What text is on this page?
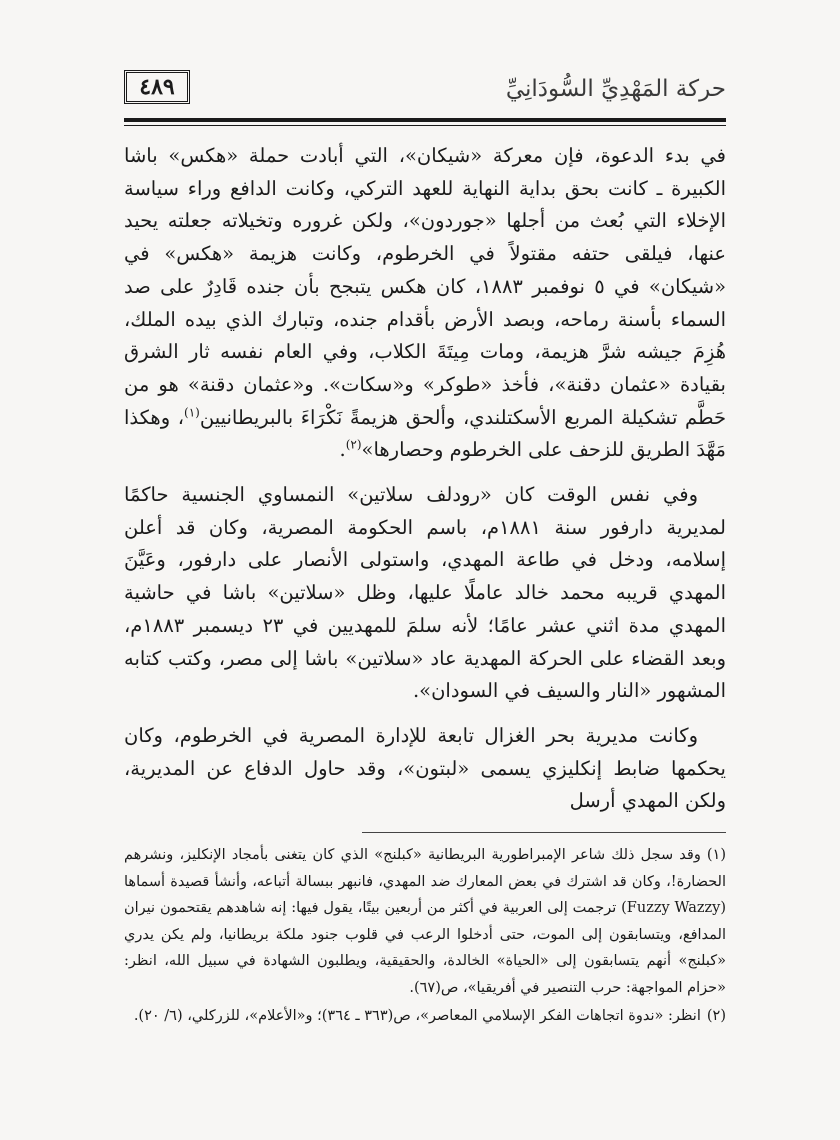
حركة المَهْدِيِّ السُّودَانِيِّ
٤٨٩

في بدء الدعوة، فإن معركة «شيكان»، التي أبادت حملة «هكس» باشا الكبيرة ـ كانت بحق بداية النهاية للعهد التركي، وكانت الدافع وراء سياسة الإخلاء التي بُعث من أجلها «جوردون»، ولكن غروره وتخيلاته جعلته يحيد عنها، فيلقى حتفه مقتولاً في الخرطوم، وكانت هزيمة «هكس» في «شيكان» في ٥ نوفمبر ١٨٨٣، كان هكس يتبجح بأن جنده قَادِرٌ على صد السماء بأسنة رماحه، وبصد الأرض بأقدام جنده، وتبارك الذي بيده الملك، هُزِمَ جيشه شرَّ هزيمة، ومات مِيتَةَ الكلاب، وفي العام نفسه ثار الشرق بقيادة «عثمان دقنة»، فأخذ «طوكر» و«سكات». و«عثمان دقنة» هو من حَطَّم تشكيلة المربع الأسكتلندي، وألحق هزيمةً نَكْرَاءَ بالبريطانيين$^{(١)}$، وهكذا مَهَّدَ الطريق للزحف على الخرطوم وحصارها»$^{(٢)}$.

وفي نفس الوقت كان «رودلف سلاتين» النمساوي الجنسية حاكمًا لمديرية دارفور سنة ١٨٨١م، باسم الحكومة المصرية، وكان قد أعلن إسلامه، ودخل في طاعة المهدي، واستولى الأنصار على دارفور، وعَيَّنَ المهدي قريبه محمد خالد عاملًا عليها، وظل «سلاتين» باشا في حاشية المهدي مدة اثني عشر عامًا؛ لأنه سلمَ للمهديين في ٢٣ ديسمبر ١٨٨٣م، وبعد القضاء على الحركة المهدية عاد «سلاتين» باشا إلى مصر، وكتب كتابه المشهور «النار والسيف في السودان».

وكانت مديرية بحر الغزال تابعة للإدارة المصرية في الخرطوم، وكان يحكمها ضابط إنكليزي يسمى «لبتون»، وقد حاول الدفاع عن المديرية، ولكن المهدي أرسل

(١)وقد سجل ذلك شاعر الإمبراطورية البريطانية «كبلنج» الذي كان يتغنى بأمجاد الإنكليز، ونشرهم الحضارة!، وكان قد اشترك في بعض المعارك ضد المهدي، فانبهر ببسالة أتباعه، وأنشأ قصيدة أسماها (Fuzzy Wazzy) ترجمت إلى العربية في أكثر من أربعين بيتًا، يقول فيها: إنه شاهدهم يقتحمون نيران المدافع، ويتسابقون إلى الموت، حتى أدخلوا الرعب في قلوب جنود ملكة بريطانيا، ولم يكن يدري «كبلنج» أنهم يتسابقون إلى «الحياة» الخالدة، والحقيقية، ويطلبون الشهادة في سبيل الله، انظر: «حزام المواجهة: حرب التنصير في أفريقيا»، ص(٦٧).

(٢)انظر: «ندوة اتجاهات الفكر الإسلامي المعاصر»، ص(٣٦٣ ـ ٣٦٤)؛ و«الأعلام»، للزركلي، (٦/ ٢٠).
